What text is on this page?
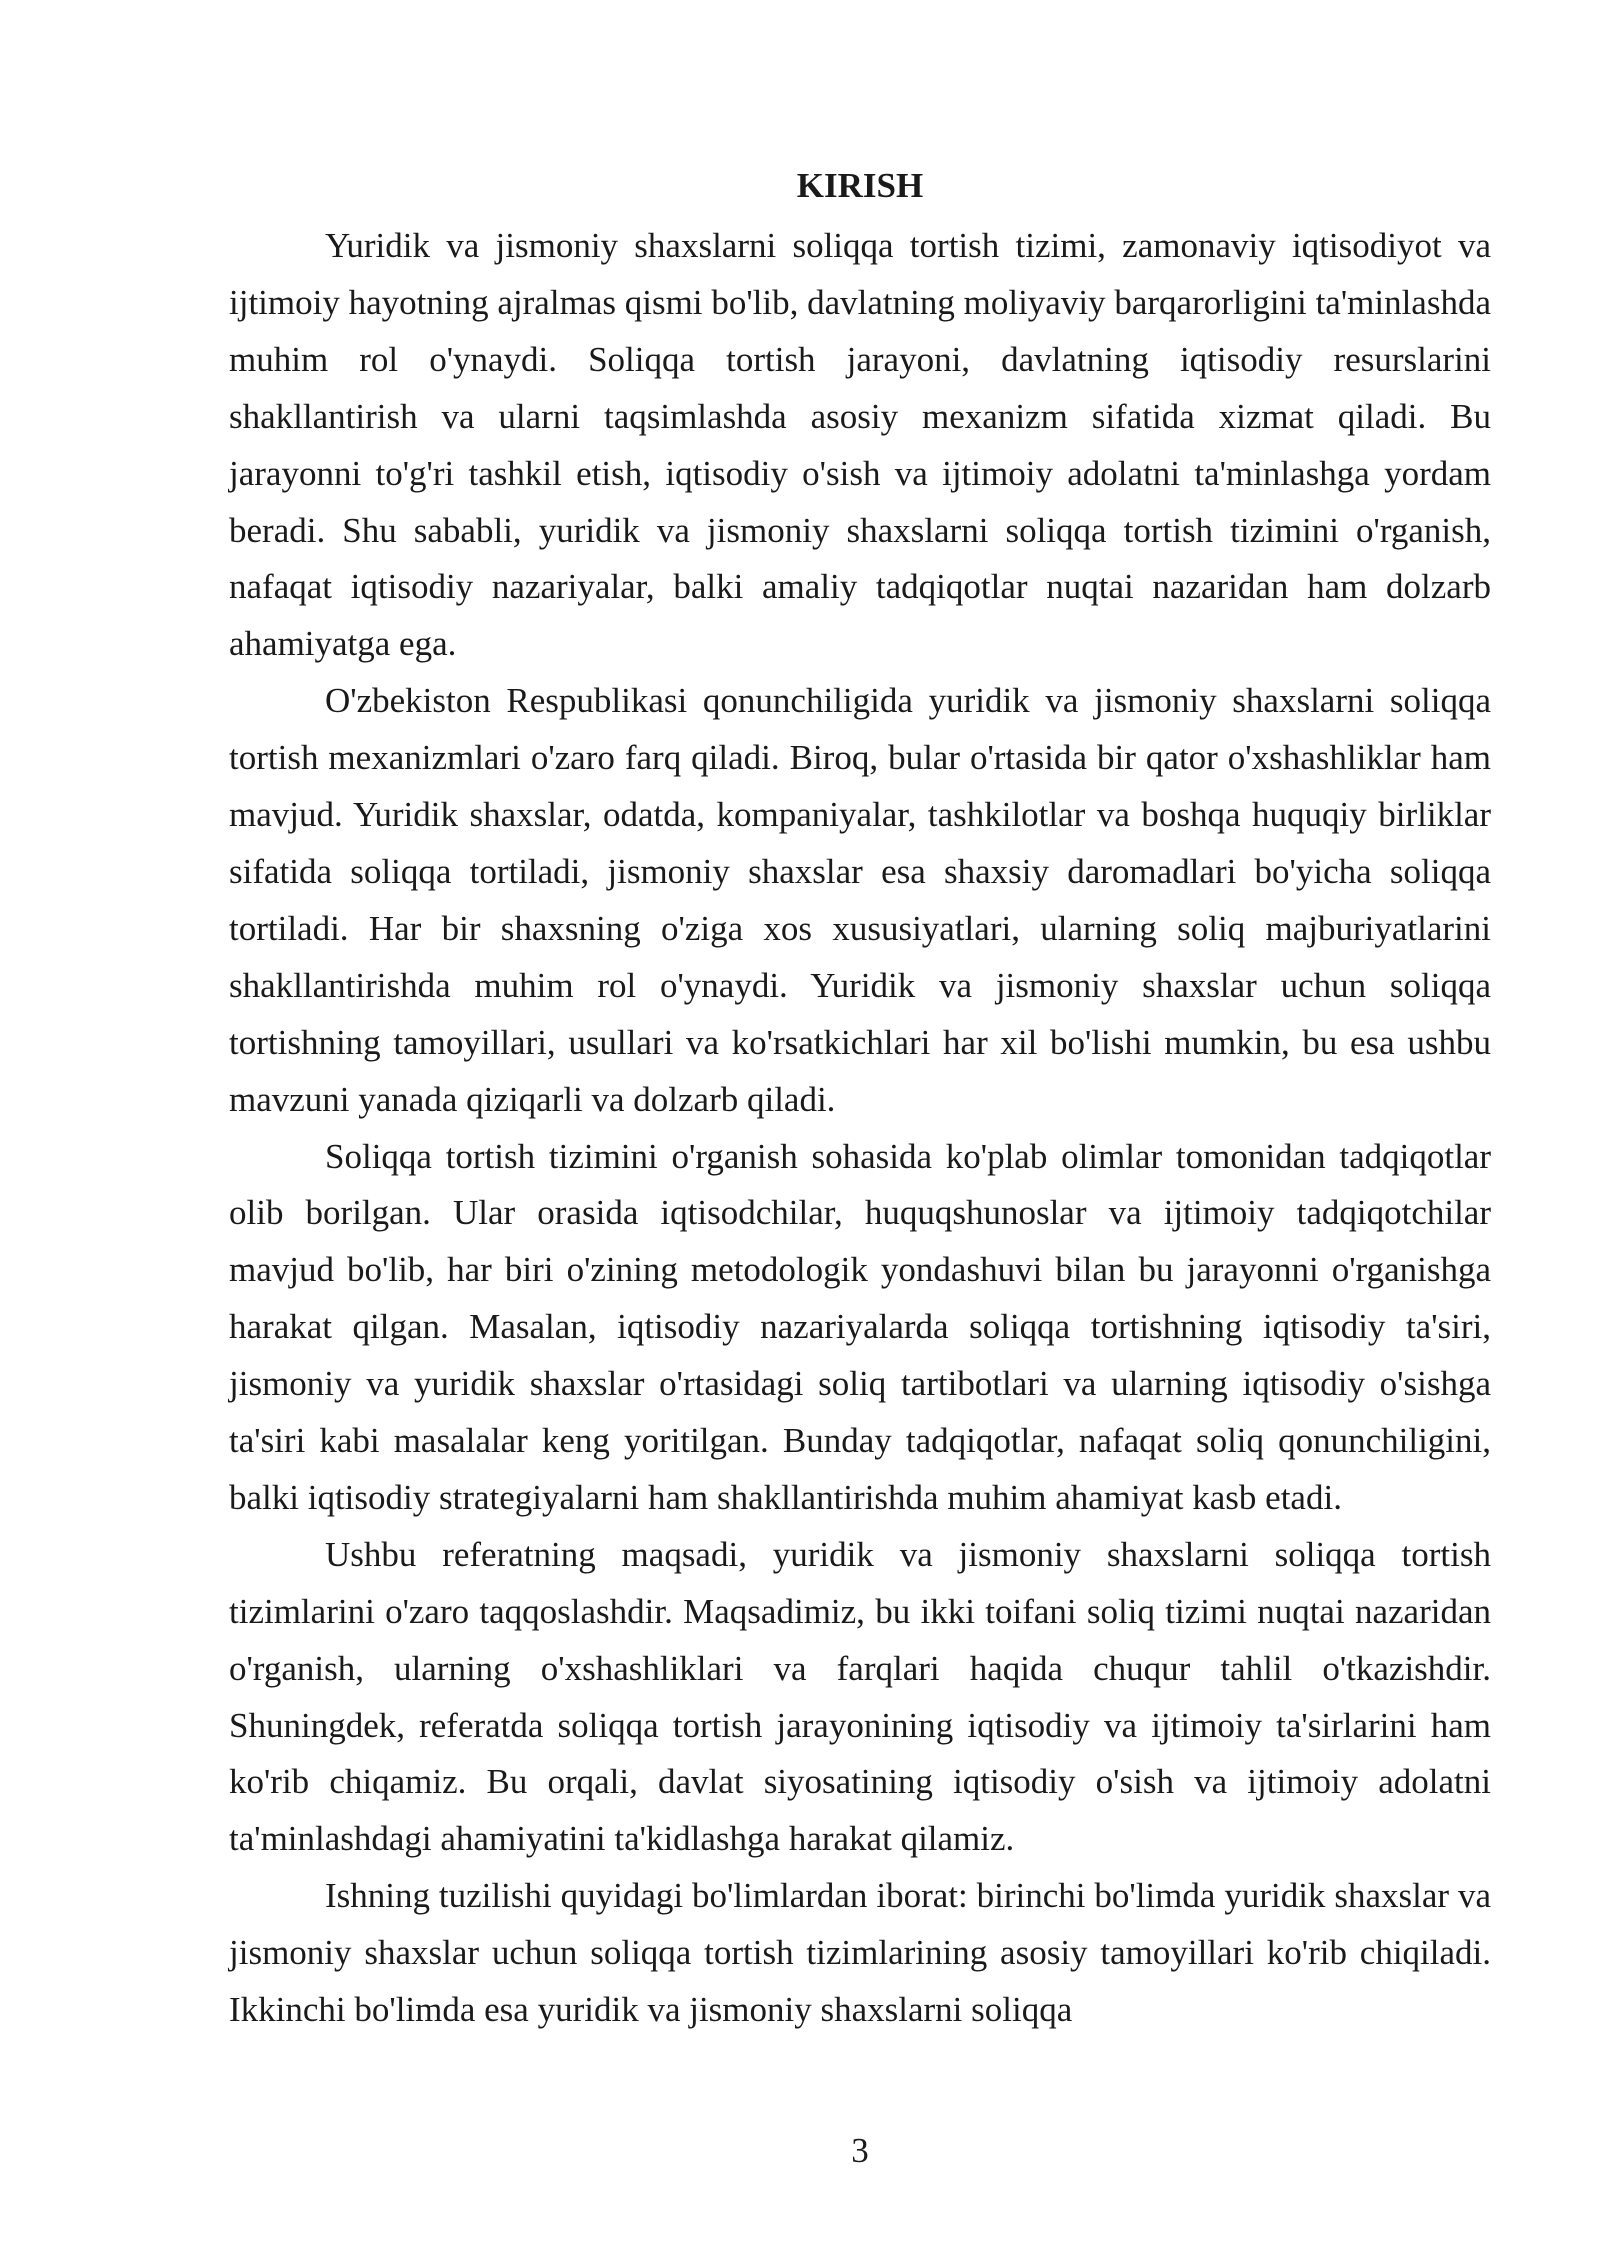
KIRISH

Yuridik va jismoniy shaxslarni soliqqa tortish tizimi, zamonaviy iqtisodiyot va ijtimoiy hayotning ajralmas qismi bo'lib, davlatning moliyaviy barqarorligini ta'minlashda muhim rol o'ynaydi. Soliqqa tortish jarayoni, davlatning iqtisodiy resurslarini shakllantirish va ularni taqsimlashda asosiy mexanizm sifatida xizmat qiladi. Bu jarayonni to'g'ri tashkil etish, iqtisodiy o'sish va ijtimoiy adolatni ta'minlashga yordam beradi. Shu sababli, yuridik va jismoniy shaxslarni soliqqa tortish tizimini o'rganish, nafaqat iqtisodiy nazariyalar, balki amaliy tadqiqotlar nuqtai nazaridan ham dolzarb ahamiyatga ega.

O'zbekiston Respublikasi qonunchiligida yuridik va jismoniy shaxslarni soliqqa tortish mexanizmlari o'zaro farq qiladi. Biroq, bular o'rtasida bir qator o'xshashliklar ham mavjud. Yuridik shaxslar, odatda, kompaniyalar, tashkilotlar va boshqa huquqiy birliklar sifatida soliqqa tortiladi, jismoniy shaxslar esa shaxsiy daromadlari bo'yicha soliqqa tortiladi. Har bir shaxsning o'ziga xos xususiyatlari, ularning soliq majburiyatlarini shakllantirishda muhim rol o'ynaydi. Yuridik va jismoniy shaxslar uchun soliqqa tortishning tamoyillari, usullari va ko'rsatkichlari har xil bo'lishi mumkin, bu esa ushbu mavzuni yanada qiziqarli va dolzarb qiladi.

Soliqqa tortish tizimini o'rganish sohasida ko'plab olimlar tomonidan tadqiqotlar olib borilgan. Ular orasida iqtisodchilar, huquqshunoslar va ijtimoiy tadqiqotchilar mavjud bo'lib, har biri o'zining metodologik yondashuvi bilan bu jarayonni o'rganishga harakat qilgan. Masalan, iqtisodiy nazariyalarda soliqqa tortishning iqtisodiy ta'siri, jismoniy va yuridik shaxslar o'rtasidagi soliq tartibotlari va ularning iqtisodiy o'sishga ta'siri kabi masalalar keng yoritilgan. Bunday tadqiqotlar, nafaqat soliq qonunchiligini, balki iqtisodiy strategiyalarni ham shakllantirishda muhim ahamiyat kasb etadi.

Ushbu referatning maqsadi, yuridik va jismoniy shaxslarni soliqqa tortish tizimlarini o'zaro taqqoslashdir. Maqsadimiz, bu ikki toifani soliq tizimi nuqtai nazaridan o'rganish, ularning o'xshashliklari va farqlari haqida chuqur tahlil o'tkazishdir. Shuningdek, referatda soliqqa tortish jarayonining iqtisodiy va ijtimoiy ta'sirlarini ham ko'rib chiqamiz. Bu orqali, davlat siyosatining iqtisodiy o'sish va ijtimoiy adolatni ta'minlashdagi ahamiyatini ta'kidlashga harakat qilamiz.

Ishning tuzilishi quyidagi bo'limlardan iborat: birinchi bo'limda yuridik shaxslar va jismoniy shaxslar uchun soliqqa tortish tizimlarining asosiy tamoyillari ko'rib chiqiladi. Ikkinchi bo'limda esa yuridik va jismoniy shaxslarni soliqqa

3
